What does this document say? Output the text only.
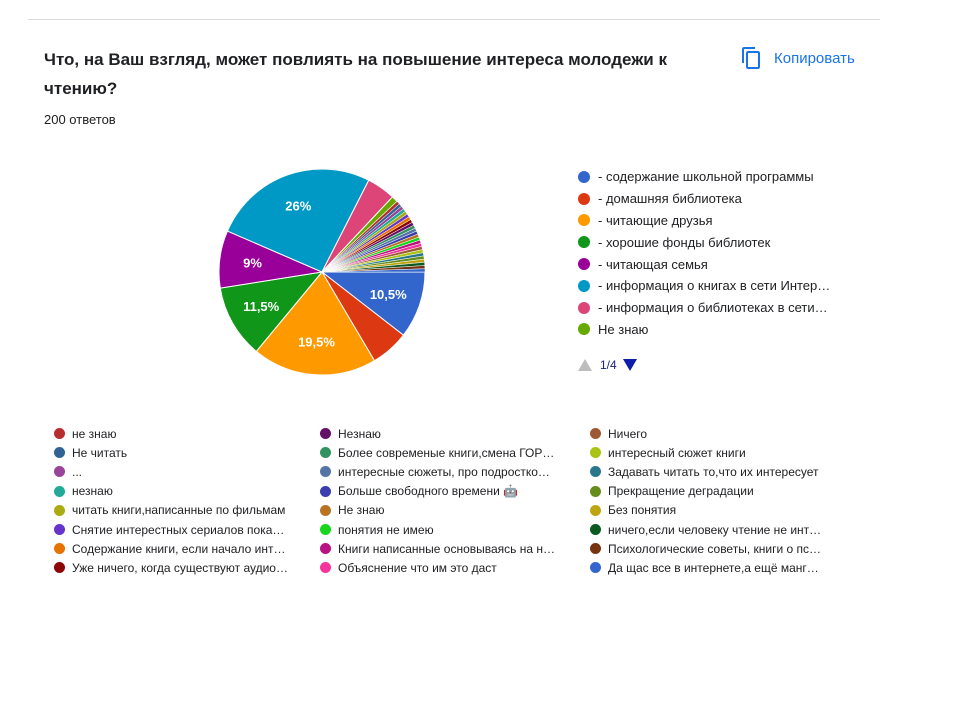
Что, на Ваш взгляд, может повлиять на повышение интереса молодежи к чтению?
200 ответов
Копировать
10,5%
19,5%
11,5%
9%
26%
- содержание школьной программы
- домашняя библиотека
- читающие друзья
- хорошие фонды библиотек
- читающая семья
- информация о книгах в сети Интер…
- информация о библиотеках в сети…
Не знаю
1/4
не знаю
Не читать
...
незнаю
читать книги,написанные по фильмам
Снятие интерестных сериалов пока…
Содержание книги, если начало инт…
Уже ничего, когда существуют аудио…
Незнаю
Более современые книги,смена ГОР…
интересные сюжеты, про подростко…
Больше свободного времени 🤖
Не знаю
понятия не имею
Книги написанные основываясь на н…
Объяснение что им это даст
Ничего
интересный сюжет книги
Задавать читать то,что их интересует
Прекращение деградации
Без понятия
ничего,если человеку чтение не инт…
Психологические советы, книги о пс…
Да щас все в интернете,а ещё манг…
